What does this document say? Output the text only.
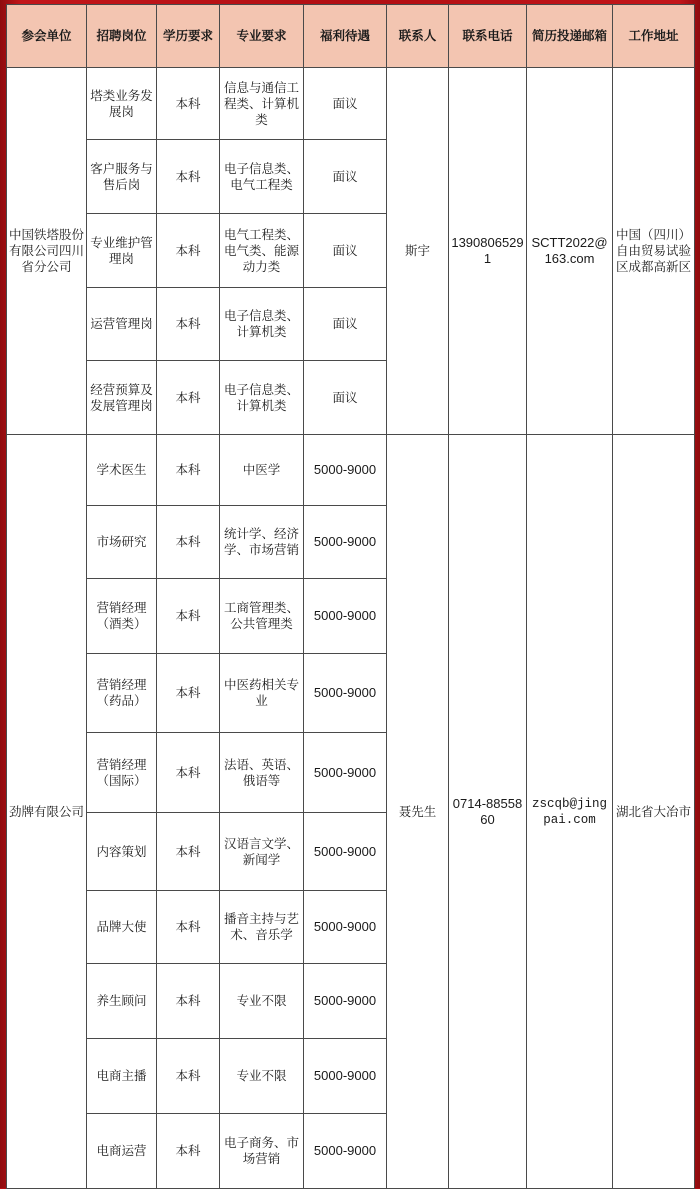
参会单位	招聘岗位	学历要求	专业要求	福利待遇	联系人	联系电话	简历投递邮箱	工作地址
中国铁塔股份有限公司四川省分公司	塔类业务发展岗	本科	信息与通信工程类、计算机类	面议	斯宇	13908065291	SCTT2022@163.com	中国（四川）自由贸易试验区成都高新区
	客户服务与售后岗	本科	电子信息类、电气工程类	面议				
	专业维护管理岗	本科	电气工程类、电气类、能源动力类	面议				
	运营管理岗	本科	电子信息类、计算机类	面议				
	经营预算及发展管理岗	本科	电子信息类、计算机类	面议				
劲牌有限公司	学术医生	本科	中医学	5000-9000	聂先生	0714-8855860	zscqb@jingpai.com	湖北省大冶市
	市场研究	本科	统计学、经济学、市场营销	5000-9000				
	营销经理（酒类）	本科	工商管理类、公共管理类	5000-9000				
	营销经理（药品）	本科	中医药相关专业	5000-9000				
	营销经理（国际）	本科	法语、英语、俄语等	5000-9000				
	内容策划	本科	汉语言文学、新闻学	5000-9000				
	品牌大使	本科	播音主持与艺术、音乐学	5000-9000				
	养生顾问	本科	专业不限	5000-9000				
	电商主播	本科	专业不限	5000-9000				
	电商运营	本科	电子商务、市场营销	5000-9000				
